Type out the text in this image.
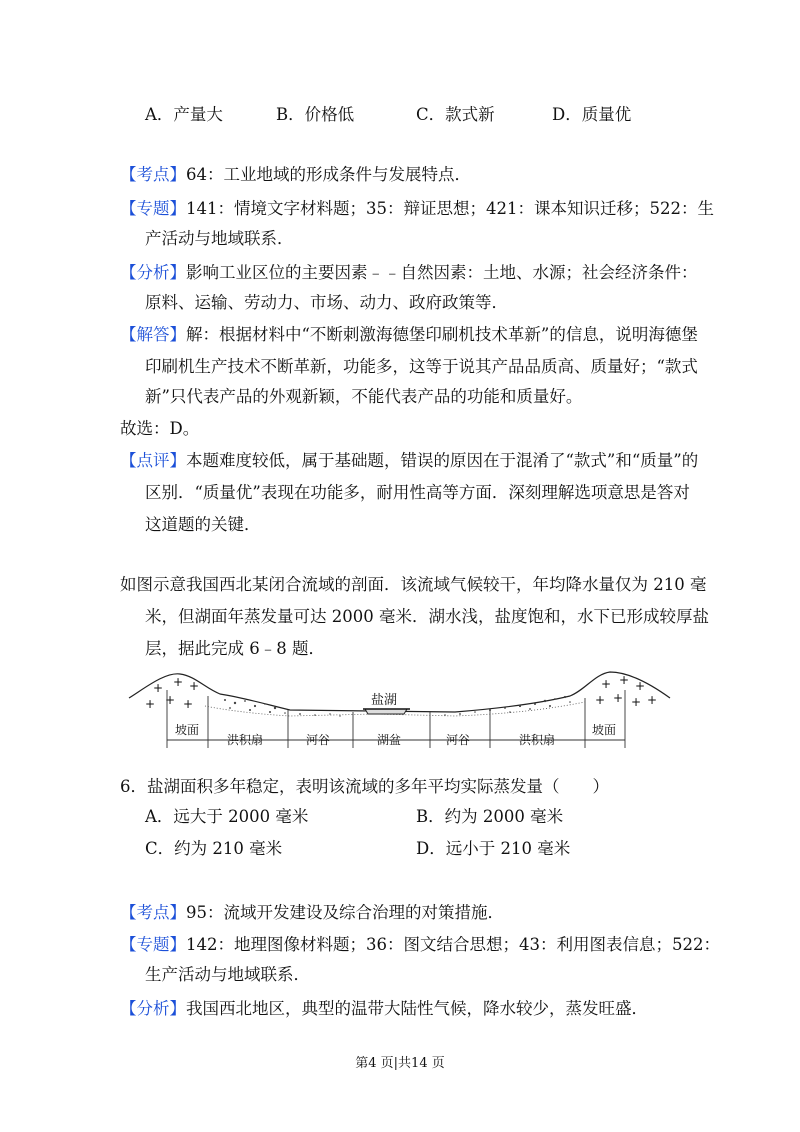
A．产量大	B．价格低	C．款式新	D．质量优
【考点】64：工业地域的形成条件与发展特点．
【专题】141：情境文字材料题；35：辩证思想；421：课本知识迁移；522：生
产活动与地域联系．
【分析】影响工业区位的主要因素﹣﹣自然因素：土地、水源；社会经济条件：
原料、运输、劳动力、市场、动力、政府政策等．
【解答】解：根据材料中“不断刺激海德堡印刷机技术革新”的信息，说明海德堡
印刷机生产技术不断革新，功能多，这等于说其产品品质高、质量好；“款式
新”只代表产品的外观新颖，不能代表产品的功能和质量好。
故选：D。
【点评】本题难度较低，属于基础题，错误的原因在于混淆了“款式”和“质量”的
区别．“质量优”表现在功能多，耐用性高等方面．深刻理解选项意思是答对
这道题的关键．
如图示意我国西北某闭合流域的剖面．该流域气候较干，年均降水量仅为 210 毫
米，但湖面年蒸发量可达 2000 毫米．湖水浅，盐度饱和，水下已形成较厚盐
层，据此完成 6﹣8 题．
盐湖
+ + +
+ + +
+ + +
+ + + +
坡面
洪积扇	河谷	湖盆	河谷	洪积扇
坡面
6．盐湖面积多年稳定，表明该流域的多年平均实际蒸发量（　　）
A．远大于 2000 毫米	B．约为 2000 毫米
C．约为 210 毫米	D．远小于 210 毫米
【考点】95：流域开发建设及综合治理的对策措施．
【专题】142：地理图像材料题；36：图文结合思想；43：利用图表信息；522：
生产活动与地域联系．
【分析】我国西北地区，典型的温带大陆性气候，降水较少，蒸发旺盛．
第4 页|共14 页
